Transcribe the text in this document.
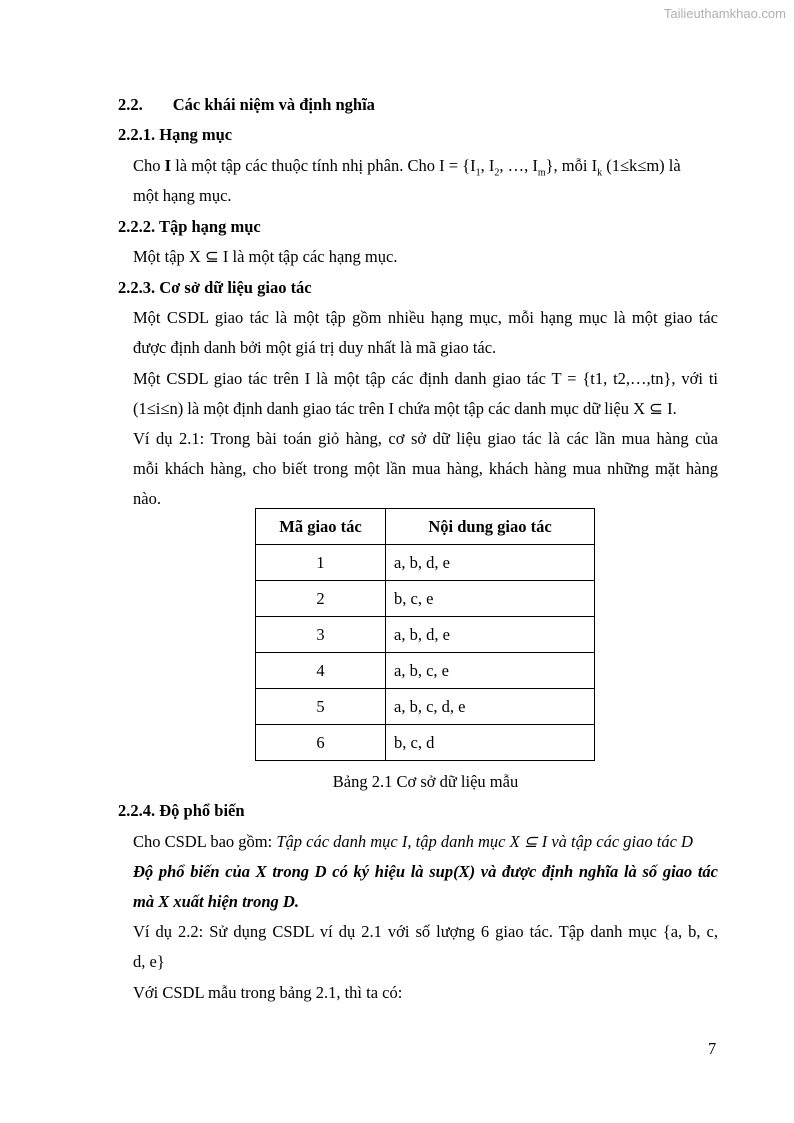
Tailieuthamkhao.com
2.2. Các khái niệm và định nghĩa
2.2.1. Hạng mục
Cho I là một tập các thuộc tính nhị phân. Cho $I = \{I_1$, $I_2$, …, $I_m$}, mỗi $I_k$ (1≤k≤m) là
một hạng mục.
2.2.2. Tập hạng mục
Một tập X ⊆ I là một tập các hạng mục.
2.2.3. Cơ sở dữ liệu giao tác
Một CSDL giao tác là một tập gồm nhiều hạng mục, mỗi hạng mục là một giao tác
được định danh bởi một giá trị duy nhất là mã giao tác.
Một CSDL giao tác trên I là một tập các định danh giao tác T = {t1, t2,…,tn}, với ti
(1≤i≤n) là một định danh giao tác trên I chứa một tập các danh mục dữ liệu X ⊆ I.
Ví dụ 2.1: Trong bài toán giỏ hàng, cơ sở dữ liệu giao tác là các lần mua hàng của
mỗi khách hàng, cho biết trong một lần mua hàng, khách hàng mua những mặt hàng
nào.
Mã giao tác	Nội dung giao tác
1	a, b, d, e
2	b, c, e
3	a, b, d, e
4	a, b, c, e
5	a, b, c, d, e
6	b, c, d
Bảng 2.1 Cơ sở dữ liệu mẫu
2.2.4. Độ phổ biến
Cho CSDL bao gồm: Tập các danh mục I, tập danh mục X ⊆ I và tập các giao tác D
Độ phổ biến của X trong D có ký hiệu là sup(X) và được định nghĩa là số giao tác
mà X xuất hiện trong D.
Ví dụ 2.2: Sử dụng CSDL ví dụ 2.1 với số lượng 6 giao tác. Tập danh mục {a, b, c,
d, e}
Với CSDL mẫu trong bảng 2.1, thì ta có:
7
